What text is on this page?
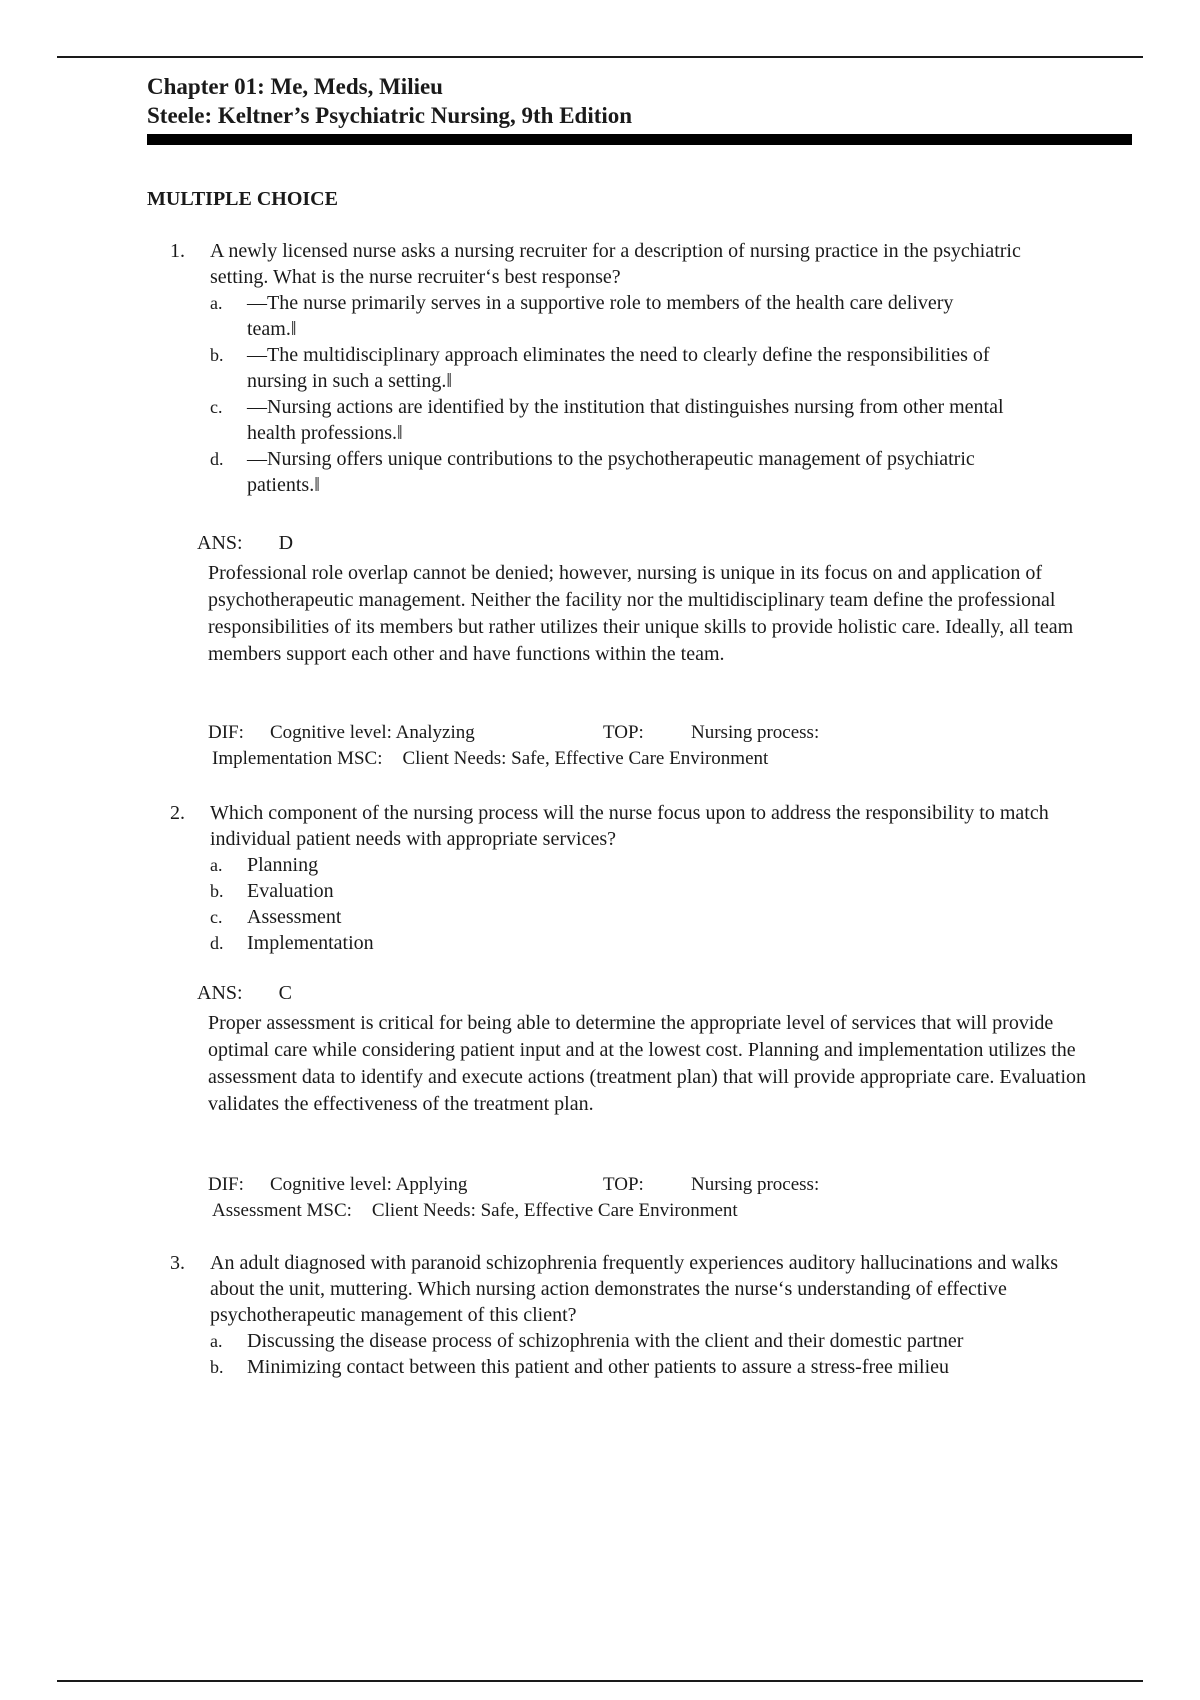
Chapter 01: Me, Meds, Milieu
Steele: Keltner’s Psychiatric Nursing, 9th Edition
MULTIPLE CHOICE
1. A newly licensed nurse asks a nursing recruiter for a description of nursing practice in the psychiatric setting. What is the nurse recruiter‘s best response?
a. ―The nurse primarily serves in a supportive role to members of the health care delivery team.‖
b. ―The multidisciplinary approach eliminates the need to clearly define the responsibilities of nursing in such a setting.‖
c. ―Nursing actions are identified by the institution that distinguishes nursing from other mental health professions.‖
d. ―Nursing offers unique contributions to the psychotherapeutic management of psychiatric patients.‖
ANS: D
Professional role overlap cannot be denied; however, nursing is unique in its focus on and application of psychotherapeutic management. Neither the facility nor the multidisciplinary team define the professional responsibilities of its members but rather utilizes their unique skills to provide holistic care. Ideally, all team members support each other and have functions within the team.
DIF: Cognitive level: Analyzing	TOP: Nursing process:
Implementation MSC: Client Needs: Safe, Effective Care Environment
2. Which component of the nursing process will the nurse focus upon to address the responsibility to match individual patient needs with appropriate services?
a. Planning
b. Evaluation
c. Assessment
d. Implementation
ANS: C
Proper assessment is critical for being able to determine the appropriate level of services that will provide optimal care while considering patient input and at the lowest cost. Planning and implementation utilizes the assessment data to identify and execute actions (treatment plan) that will provide appropriate care. Evaluation validates the effectiveness of the treatment plan.
DIF: Cognitive level: Applying	TOP: Nursing process:
Assessment MSC: Client Needs: Safe, Effective Care Environment
3. An adult diagnosed with paranoid schizophrenia frequently experiences auditory hallucinations and walks about the unit, muttering. Which nursing action demonstrates the nurse‘s understanding of effective psychotherapeutic management of this client?
a. Discussing the disease process of schizophrenia with the client and their domestic partner
b. Minimizing contact between this patient and other patients to assure a stress-free milieu
